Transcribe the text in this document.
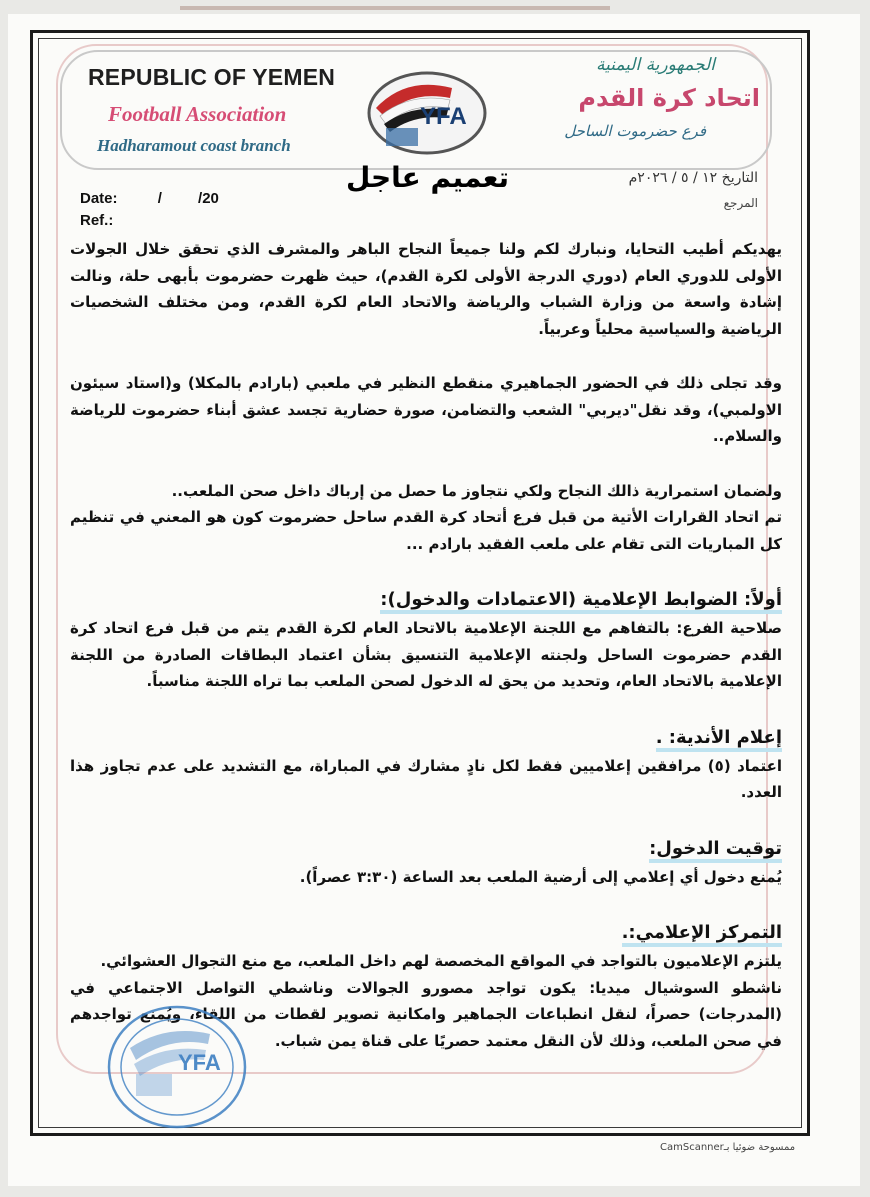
REPUBLIC OF YEMEN
Football Association
Hadharamout coast branch
YFA
الجمهورية اليمنية
اتحاد كرة القدم
فرع حضرموت الساحل
تعميم عاجل
Date:	/ /20
Ref.:
التاريخ ١٢ / ٥ / ٢٠٢٦م
المرجع

يهديكم أطيب التحايا، ونبارك لكم ولنا جميعاً النجاح الباهر والمشرف الذي تحقق خلال الجولات الأولى للدوري العام (دوري الدرجة الأولى لكرة القدم)، حيث ظهرت حضرموت بأبهى حلة، ونالت إشادة واسعة من وزارة الشباب والرياضة والاتحاد العام لكرة القدم، ومن مختلف الشخصيات الرياضية والسياسية محلياً وعربياً.

وقد تجلى ذلك في الحضور الجماهيري منقطع النظير في ملعبي (بارادم بالمكلا) و(استاد سيئون الاولمبي)، وقد نقل"ديربي" الشعب والتضامن، صورة حضارية تجسد عشق أبناء حضرموت للرياضة والسلام..

ولضمان استمرارية ذالك النجاح ولكي نتجاوز ما حصل من إرباك داخل صحن الملعب..

تم اتحاد القرارات الأتية من قبل فرع أتحاد كرة القدم ساحل حضرموت كون هو المعني في تنظيم كل المباريات التى تقام على ملعب الفقيد بارادم ...

أولاً: الضوابط الإعلامية (الاعتمادات والدخول):

صلاحية الفرع: بالتفاهم مع اللجنة الإعلامية بالاتحاد العام لكرة القدم يتم من قبل فرع اتحاد كرة القدم حضرموت الساحل ولجنته الإعلامية التنسيق بشأن اعتماد البطاقات الصادرة من اللجنة الإعلامية بالاتحاد العام، وتحديد من يحق له الدخول لصحن الملعب بما تراه اللجنة مناسباً.

إعلام الأندية: .

اعتماد (٥) مرافقين إعلاميين فقط لكل نادٍ مشارك في المباراة، مع التشديد على عدم تجاوز هذا العدد.

توقيت الدخول:

يُمنع دخول أي إعلامي إلى أرضية الملعب بعد الساعة (٣:٣٠ عصراً).

التمركز الإعلامي:.

يلتزم الإعلاميون بالتواجد في المواقع المخصصة لهم داخل الملعب، مع منع التجوال العشوائي.

ناشطو السوشيال ميديا: يكون تواجد مصورو الجوالات وناشطي التواصل الاجتماعي في (المدرجات) حصراً، لنقل انطباعات الجماهير وامكانية تصوير لقطات من اللقاء، ويُمنع تواجدهم في صحن الملعب، وذلك لأن النقل معتمد حصريًا على قناة يمن شباب.

YFA
CamScannerممسوحة ضوئيا بـ
